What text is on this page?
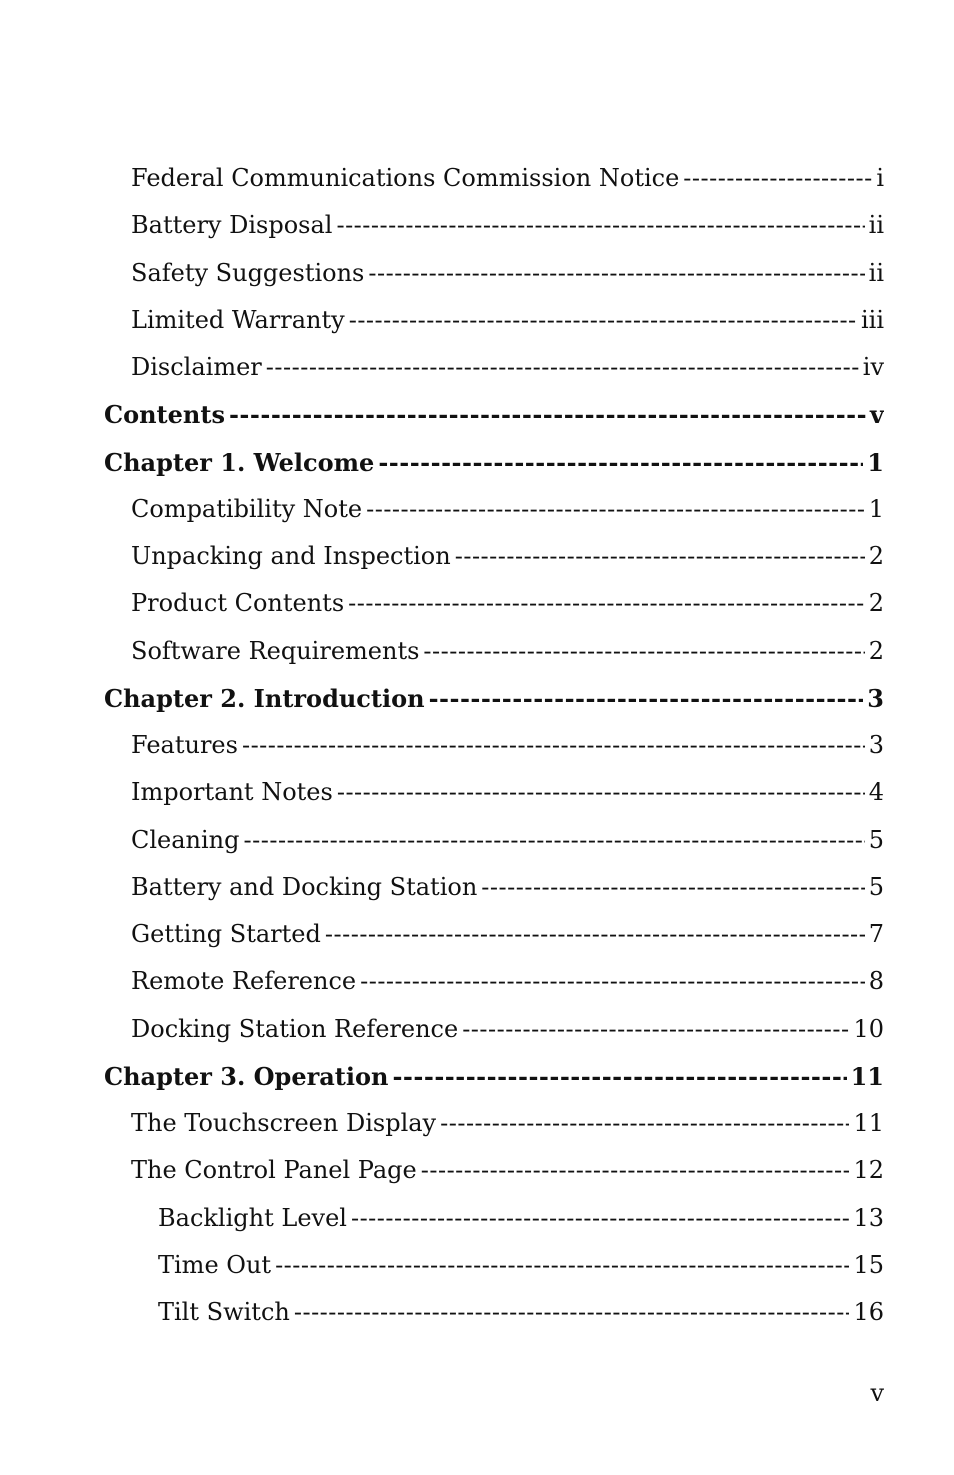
Federal Communications Commission Notice -----	i
Battery Disposal -----	ii
Safety Suggestions -----	ii
Limited Warranty -----	iii
Disclaimer -----	iv
Contents -----	v
Chapter 1. Welcome -----	1
Compatibility Note -----	1
Unpacking and Inspection -----	2
Product Contents -----	2
Software Requirements -----	2
Chapter 2. Introduction -----	3
Features -----	3
Important Notes -----	4
Cleaning -----	5
Battery and Docking Station -----	5
Getting Started -----	7
Remote Reference -----	8
Docking Station Reference -----	10
Chapter 3. Operation -----	11
The Touchscreen Display -----	11
The Control Panel Page -----	12
Backlight Level -----	13
Time Out -----	15
Tilt Switch -----	16
v
